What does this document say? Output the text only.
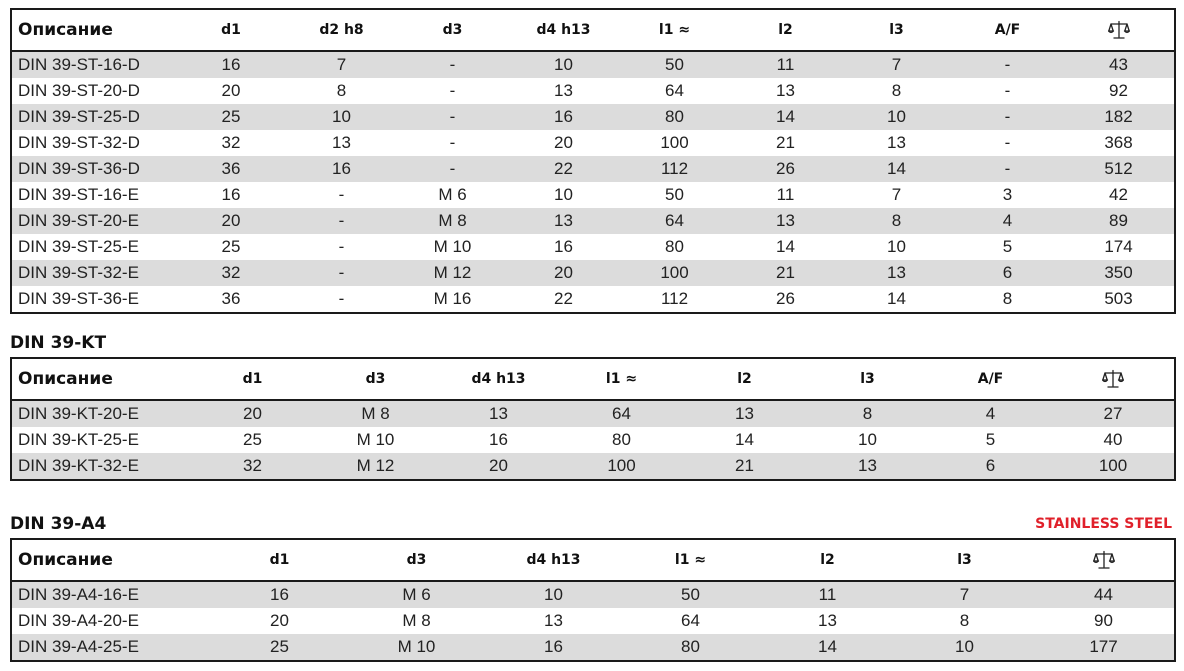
Описание	d1	d2 h8	d3	d4 h13	l1 ≈	l2	l3	A/F	
DIN 39-ST-16-D	16	7	-	10	50	11	7	-	43
DIN 39-ST-20-D	20	8	-	13	64	13	8	-	92
DIN 39-ST-25-D	25	10	-	16	80	14	10	-	182
DIN 39-ST-32-D	32	13	-	20	100	21	13	-	368
DIN 39-ST-36-D	36	16	-	22	112	26	14	-	512
DIN 39-ST-16-E	16	-	M 6	10	50	11	7	3	42
DIN 39-ST-20-E	20	-	M 8	13	64	13	8	4	89
DIN 39-ST-25-E	25	-	M 10	16	80	14	10	5	174
DIN 39-ST-32-E	32	-	M 12	20	100	21	13	6	350
DIN 39-ST-36-E	36	-	M 16	22	112	26	14	8	503
DIN 39-KT
Описание	d1	d3	d4 h13	l1 ≈	l2	l3	A/F	
DIN 39-KT-20-E	20	M 8	13	64	13	8	4	27
DIN 39-KT-25-E	25	M 10	16	80	14	10	5	40
DIN 39-KT-32-E	32	M 12	20	100	21	13	6	100
DIN 39-A4	STAINLESS STEEL
Описание	d1	d3	d4 h13	l1 ≈	l2	l3	
DIN 39-A4-16-E	16	M 6	10	50	11	7	44
DIN 39-A4-20-E	20	M 8	13	64	13	8	90
DIN 39-A4-25-E	25	M 10	16	80	14	10	177
